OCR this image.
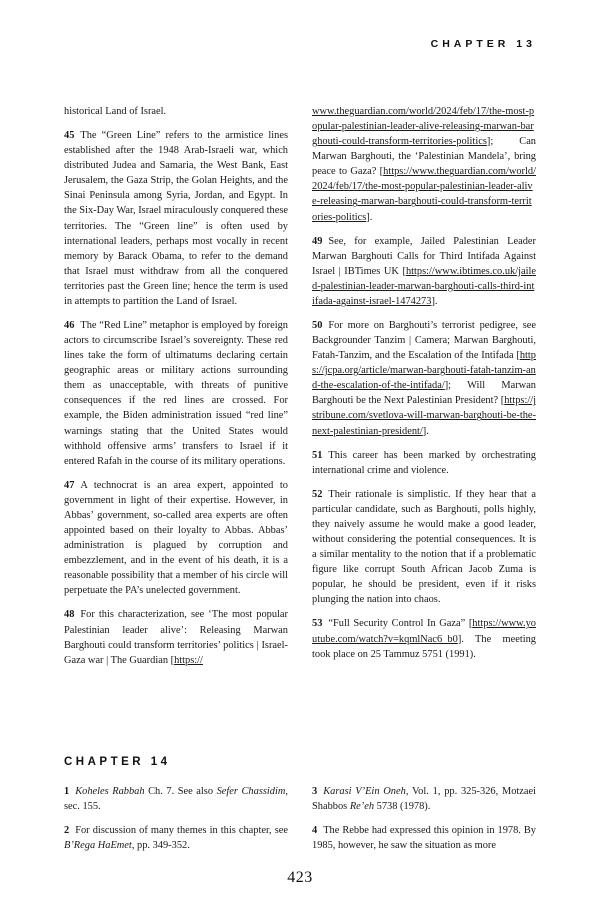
CHAPTER 13

historical Land of Israel.

45 The “Green Line” refers to the armistice lines established after the 1948 Arab-Israeli war, which distributed Judea and Samaria, the West Bank, East Jerusalem, the Gaza Strip, the Golan Heights, and the Sinai Peninsula among Syria, Jordan, and Egypt. In the Six-Day War, Israel miraculously conquered these territories. The “Green line” is often used by international leaders, perhaps most vocally in recent memory by Barack Obama, to refer to the demand that Israel must withdraw from all the conquered territories past the Green line; hence the term is used in attempts to partition the Land of Israel.

46 The “Red Line” metaphor is employed by foreign actors to circumscribe Israel’s sovereignty. These red lines take the form of ultimatums declaring certain geographic areas or military actions surrounding them as unacceptable, with threats of punitive consequences if the red lines are crossed. For example, the Biden administration issued “red line” warnings stating that the United States would withhold offensive arms’ transfers to Israel if it entered Rafah in the course of its military operations.

47 A technocrat is an area expert, appointed to government in light of their expertise. However, in Abbas’ government, so-called area experts are often appointed based on their loyalty to Abbas. Abbas’ administration is plagued by corruption and embezzlement, and in the event of his death, it is a reasonable possibility that a member of his circle will perpetuate the PA’s unelected government.

48 For this characterization, see ‘The most popular Palestinian leader alive’: Releasing Marwan Barghouti could transform territories’ politics | Israel-Gaza war | The Guardian [https://

www.theguardian.com/world/2024/feb/17/the-most-popular-palestinian-leader-alive-releasing-marwan-barghouti-could-transform-territories-politics]; Can Marwan Barghouti, the ‘Palestinian Mandela’, bring peace to Gaza? [https://www.theguardian.com/world/2024/feb/17/the-most-popular-palestinian-leader-alive-releasing-marwan-barghouti-could-transform-territories-politics].

49 See, for example, Jailed Palestinian Leader Marwan Barghouti Calls for Third Intifada Against Israel | IBTimes UK [https://www.ibtimes.co.uk/jailed-palestinian-leader-marwan-barghouti-calls-third-intifada-against-israel-1474273].

50 For more on Barghouti’s terrorist pedigree, see Backgrounder Tanzim | Camera; Marwan Barghouti, Fatah-Tanzim, and the Escalation of the Intifada [https://jcpa.org/article/marwan-barghouti-fatah-tanzim-and-the-escalation-of-the-intifada/]; Will Marwan Barghouti be the Next Palestinian President? [https://jstribune.com/svetlova-will-marwan-barghouti-be-the-next-palestinian-president/].

51 This career has been marked by orchestrating international crime and violence.

52 Their rationale is simplistic. If they hear that a particular candidate, such as Barghouti, polls highly, they naively assume he would make a good leader, without considering the potential consequences. It is a similar mentality to the notion that if a problematic figure like corrupt South African Jacob Zuma is popular, he should be president, even if it risks plunging the nation into chaos.

53 “Full Security Control In Gaza” [https://www.youtube.com/watch?v=kqmlNac6_b0]. The meeting took place on 25 Tammuz 5751 (1991).

CHAPTER 14

1 Koheles Rabbah Ch. 7. See also Sefer Chassidim, sec. 155.

2 For discussion of many themes in this chapter, see B’Rega HaEmet, pp. 349-352.

3 Karasi V’Ein Oneh, Vol. 1, pp. 325-326, Motzaei Shabbos Re’eh 5738 (1978).

4 The Rebbe had expressed this opinion in 1978. By 1985, however, he saw the situation as more

423
